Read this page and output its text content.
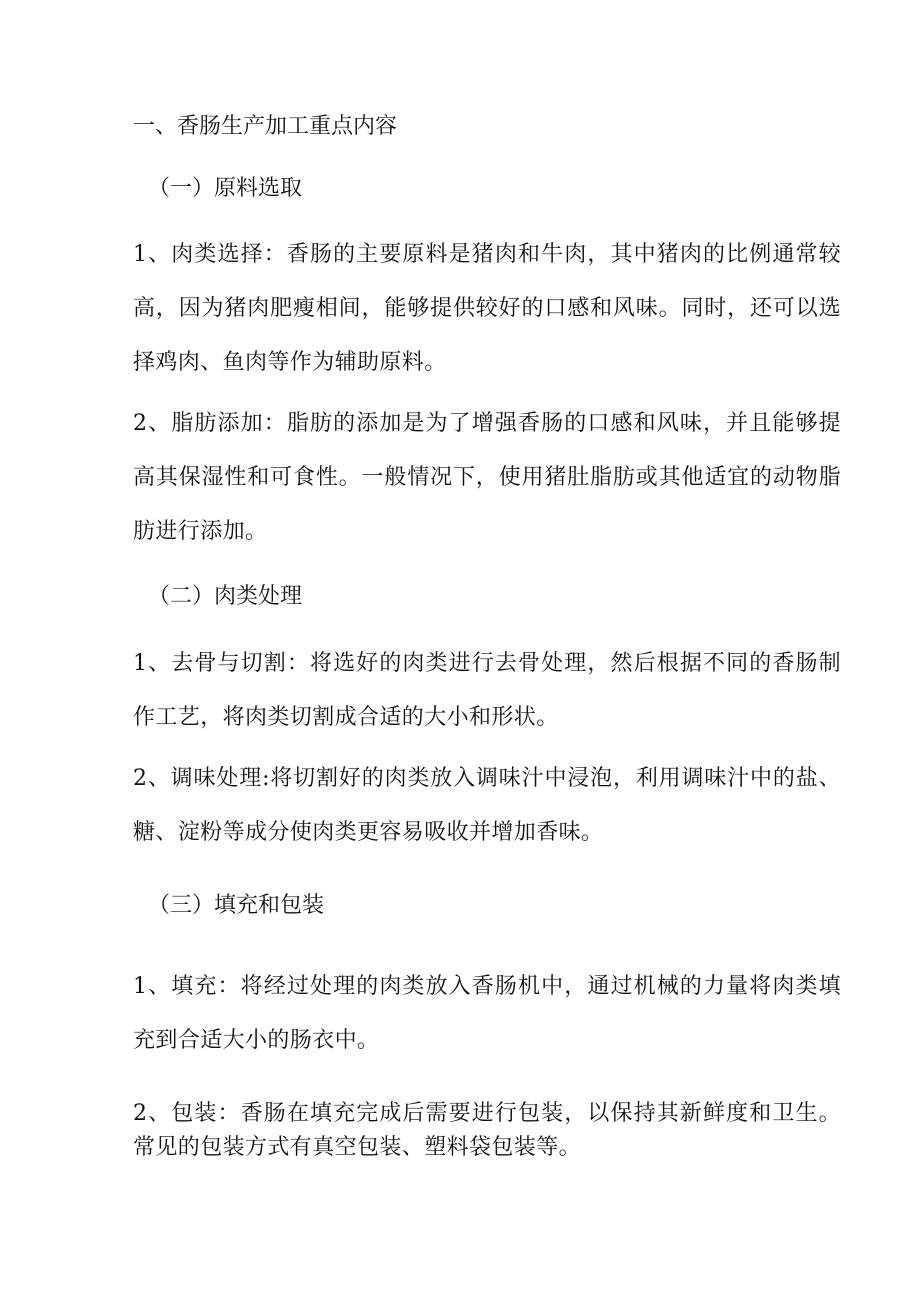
一、香肠生产加工重点内容
（一）原料选取

1、肉类选择：香肠的主要原料是猪肉和牛肉，其中猪肉的比例通常较高，因为猪肉肥瘦相间，能够提供较好的口感和风味。同时，还可以选择鸡肉、鱼肉等作为辅助原料。

2、脂肪添加：脂肪的添加是为了增强香肠的口感和风味，并且能够提高其保湿性和可食性。一般情况下，使用猪肚脂肪或其他适宜的动物脂肪进行添加。

（二）肉类处理

1、去骨与切割：将选好的肉类进行去骨处理，然后根据不同的香肠制作工艺，将肉类切割成合适的大小和形状。

2、调味处理:将切割好的肉类放入调味汁中浸泡，利用调味汁中的盐、糖、淀粉等成分使肉类更容易吸收并增加香味。

（三）填充和包装

1、填充：将经过处理的肉类放入香肠机中，通过机械的力量将肉类填充到合适大小的肠衣中。

2、包装：香肠在填充完成后需要进行包装，以保持其新鲜度和卫生。常见的包装方式有真空包装、塑料袋包装等。
